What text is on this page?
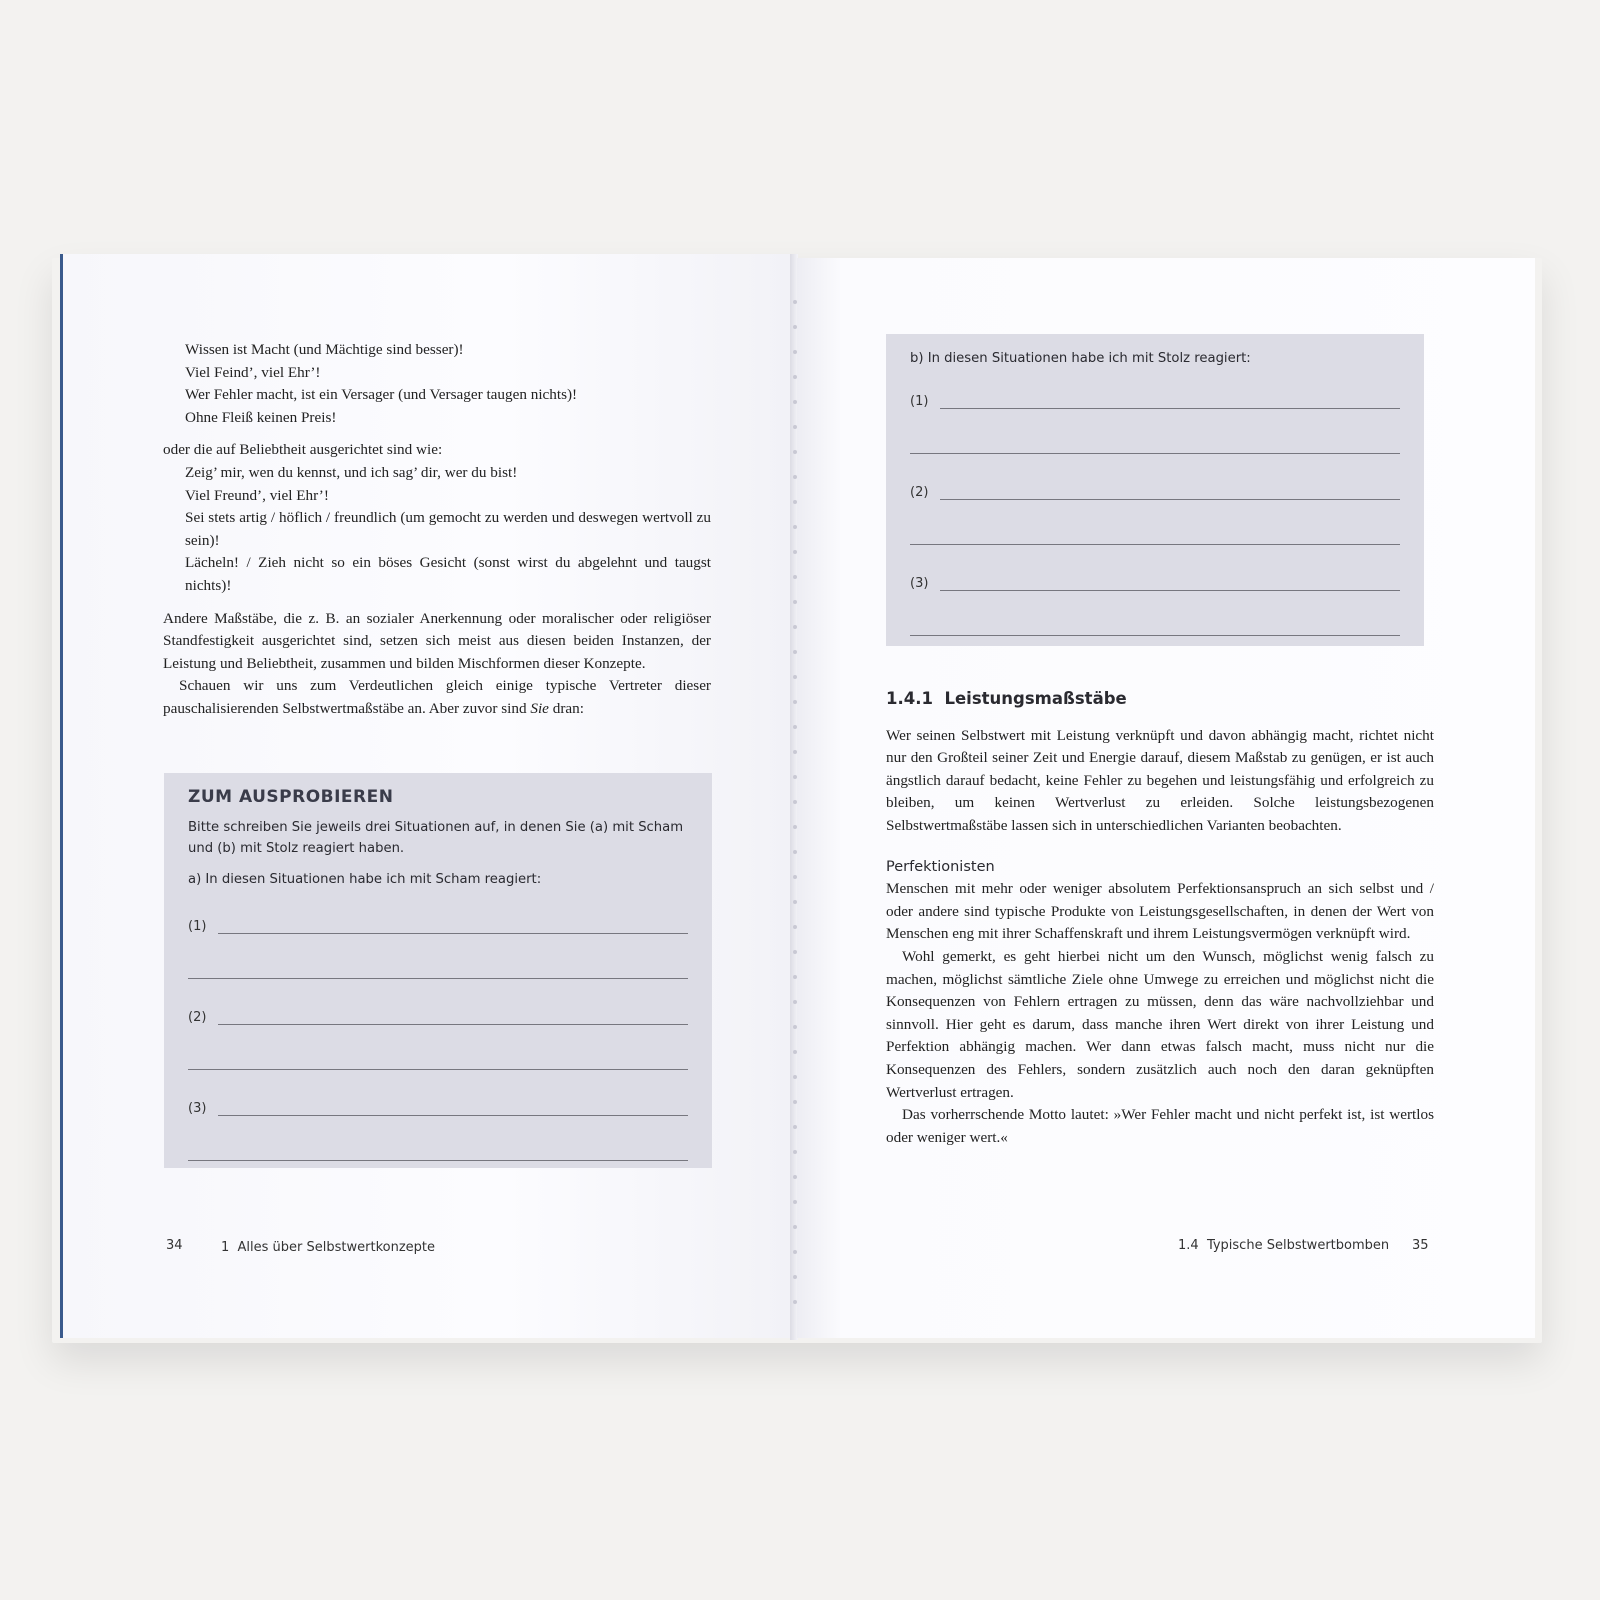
Wissen ist Macht (und Mächtige sind besser)!
Viel Feind’, viel Ehr’!
Wer Fehler macht, ist ein Versager (und Versager taugen nichts)!
Ohne Fleiß keinen Preis!

oder die auf Beliebtheit ausgerichtet sind wie:

Zeig’ mir, wen du kennst, und ich sag’ dir, wer du bist!
Viel Freund’, viel Ehr’!
Sei stets artig / höflich / freundlich (um gemocht zu werden und deswegen wertvoll zu sein)!
Lächeln! / Zieh nicht so ein böses Gesicht (sonst wirst du abgelehnt und taugst nichts)!

Andere Maßstäbe, die z. B. an sozialer Anerkennung oder moralischer oder religiöser Standfestigkeit ausgerichtet sind, setzen sich meist aus diesen beiden Instanzen, der Leistung und Beliebtheit, zusammen und bilden Mischformen dieser Konzepte.

Schauen wir uns zum Verdeutlichen gleich einige typische Vertreter dieser pauschalisierenden Selbstwertmaßstäbe an. Aber zuvor sind Sie dran:

ZUM AUSPROBIEREN
Bitte schreiben Sie jeweils drei Situationen auf, in denen Sie (a) mit Scham und (b) mit Stolz reagiert haben.
a) In diesen Situationen habe ich mit Scham reagiert:
(1)
(2)
(3)
34	1  Alles über Selbstwertkonzepte
b) In diesen Situationen habe ich mit Stolz reagiert:
(1)
(2)
(3)
1.4.1  Leistungsmaßstäbe

Wer seinen Selbstwert mit Leistung verknüpft und davon abhängig macht, richtet nicht nur den Großteil seiner Zeit und Energie darauf, diesem Maßstab zu genügen, er ist auch ängstlich darauf bedacht, keine Fehler zu begehen und leistungsfähig und erfolgreich zu bleiben, um keinen Wertverlust zu erleiden. Solche leistungsbezogenen Selbstwertmaßstäbe lassen sich in unterschiedlichen Varianten beobachten.

Perfektionisten

Menschen mit mehr oder weniger absolutem Perfektionsanspruch an sich selbst und / oder andere sind typische Produkte von Leistungsgesellschaften, in denen der Wert von Menschen eng mit ihrer Schaffenskraft und ihrem Leistungsvermögen verknüpft wird.

Wohl gemerkt, es geht hierbei nicht um den Wunsch, möglichst wenig falsch zu machen, möglichst sämtliche Ziele ohne Umwege zu erreichen und möglichst nicht die Konsequenzen von Fehlern ertragen zu müssen, denn das wäre nachvollziehbar und sinnvoll. Hier geht es darum, dass manche ihren Wert direkt von ihrer Leistung und Perfektion abhängig machen. Wer dann etwas falsch macht, muss nicht nur die Konsequenzen des Fehlers, sondern zusätzlich auch noch den daran geknüpften Wertverlust ertragen.

Das vorherrschende Motto lautet: »Wer Fehler macht und nicht perfekt ist, ist wertlos oder weniger wert.«

1.4  Typische Selbstwertbomben 35
